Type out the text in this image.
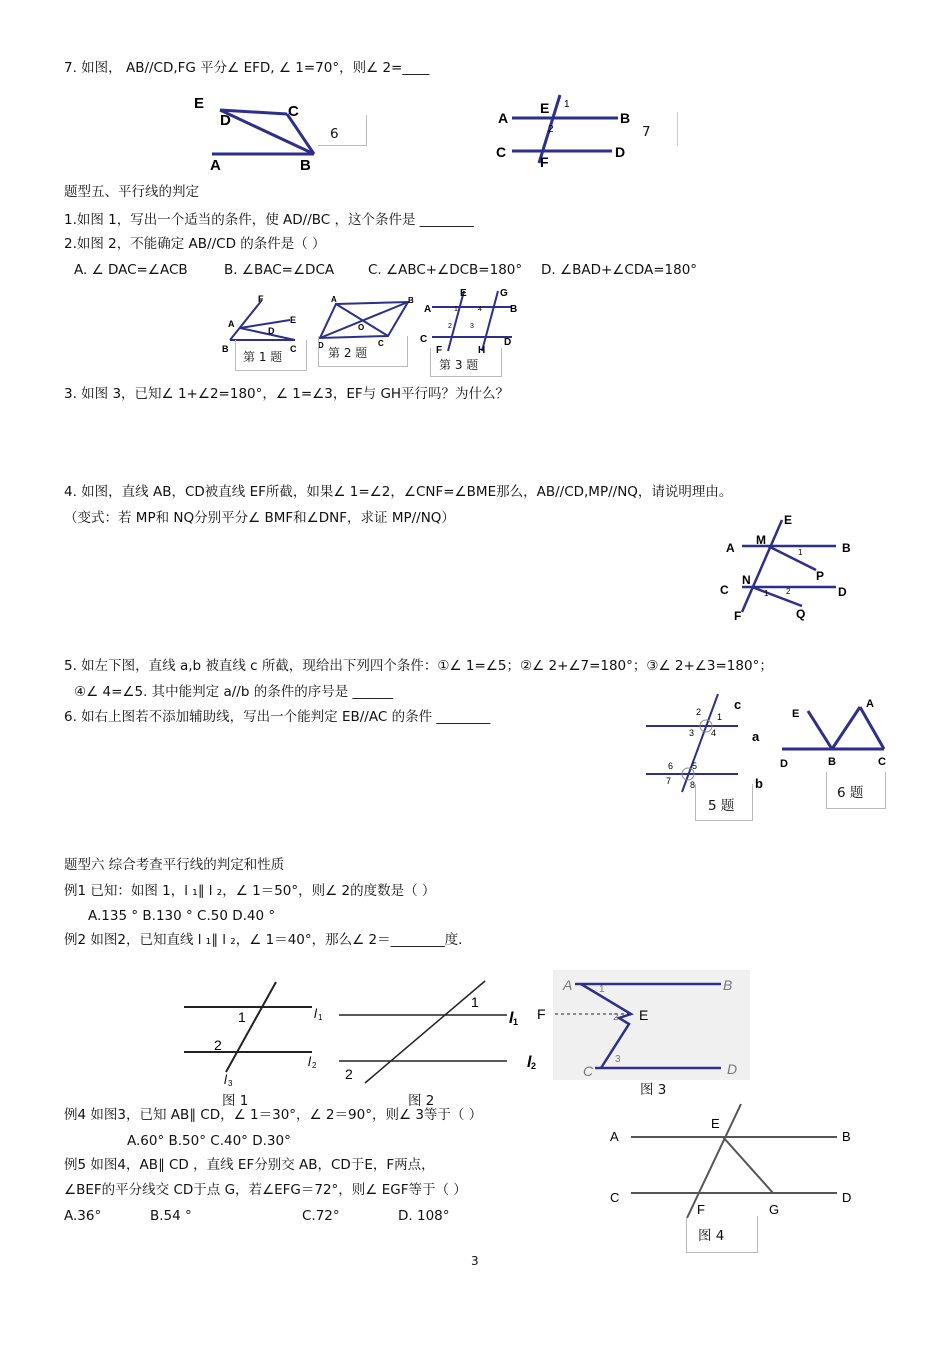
7. 如图， AB//CD,FG 平分∠ EFD, ∠ 1=70°，则∠ 2=____
E
D
C
A	B
6
A	B
C	D
E
F
1
2	7
题型五、平行线的判定
1.如图 1，写出一个适当的条件，使 AD//BC ，这个条件是 ________
2.如图 2，不能确定 AB//CD 的条件是（ ）
A. ∠ DAC=∠ACB	B. ∠BAC=∠DCA	C. ∠ABC+∠DCB=180° D. ∠BAD+∠CDA=180°
F
A
D
E
B	C
第 1 题
A	B
D	C
O
第 2 题
A	B
C	D
E	G
F	H
1	4
2	3
第 3 题
3. 如图 3，已知∠ 1+∠2=180°，∠ 1=∠3，EF与 GH平行吗？为什么？
4. 如图，直线 AB，CD被直线 EF所截，如果∠ 1=∠2，∠CNF=∠BME那么，AB//CD,MP//NQ，请说明理由。
（变式：若 MP和 NQ分别平分∠ BMF和∠DNF，求证 MP//NQ）	E
A	B
M
P
N
C	D
F	Q
1
1 2
5. 如左下图，直线 a,b 被直线 c 所截，现给出下列四个条件：①∠ 1=∠5；②∠ 2+∠7=180°；③∠ 2+∠3=180°；
④∠ 4=∠5. 其中能判定 a//b 的条件的序号是 ______
6. 如右上图若不添加辅助线，写出一个能判定 EB//AC 的条件 ________
c
a
b
2 1
3 4
6 5
7 8
5 题
E
A
D	B	C
6 题
题型六 综合考查平行线的判定和性质
例1 已知：如图 1，l ₁∥ l ₂，∠ 1＝50°，则∠ 2的度数是（ ）
A.135 ° B.130 ° C.50 D.40 °
例2 如图2，已知直线 l ₁∥ l ₂，∠ 1＝40°，那么∠ 2＝________度.
1
2
l 1
l 2
l 3
图 1
1
2
l 1
l 2
图 2
A	B
C	D
1
2
3
F	E
图 3
例4 如图3，已知 AB∥ CD，∠ 1＝30°，∠ 2＝90°，则∠ 3等于（ ）
A.60° B.50° C.40° D.30°
例5 如图4，AB∥ CD ，直线 EF分别交 AB，CD于E，F两点，
∠BEF的平分线交 CD于点 G，若∠EFG＝72°，则∠ EGF等于（ ）
A.36°	B.54 °	C.72°	D. 108°
A	B
C	D
E
F	G
图 4
3
